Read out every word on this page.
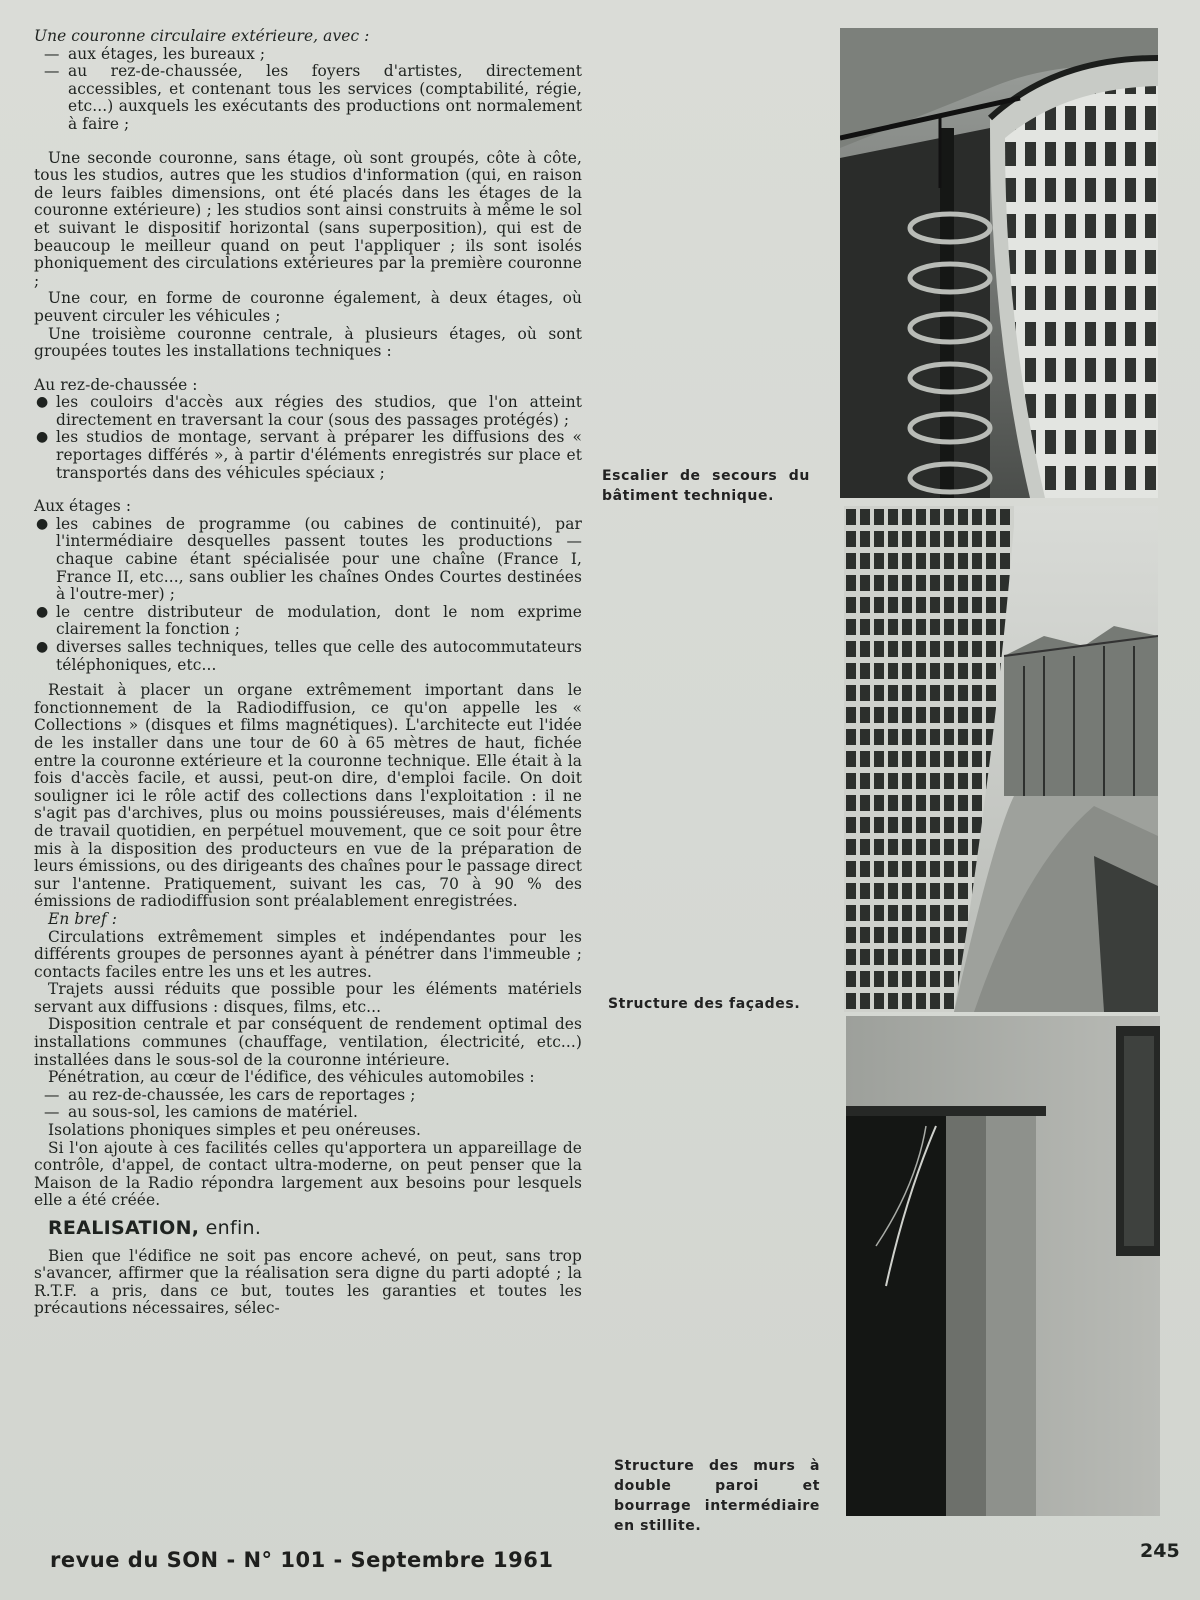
Une couronne circulaire extérieure, avec :

— aux étages, les bureaux ;
— au rez-de-chaussée, les foyers d'artistes, directement accessibles, et contenant tous les services (comptabilité, régie, etc...) auxquels les exécutants des productions ont normalement à faire ;

Une seconde couronne, sans étage, où sont groupés, côte à côte, tous les studios, autres que les studios d'information (qui, en raison de leurs faibles dimensions, ont été placés dans les étages de la couronne extérieure) ; les studios sont ainsi construits à même le sol et suivant le dispositif horizontal (sans superposition), qui est de beaucoup le meilleur quand on peut l'appliquer ; ils sont isolés phoniquement des circulations extérieures par la première couronne ;

Une cour, en forme de couronne également, à deux étages, où peuvent circuler les véhicules ;

Une troisième couronne centrale, à plusieurs étages, où sont groupées toutes les installations techniques :

Au rez-de-chaussée :

● les couloirs d'accès aux régies des studios, que l'on atteint directement en traversant la cour (sous des passages protégés) ;
● les studios de montage, servant à préparer les diffusions des « reportages différés », à partir d'éléments enregistrés sur place et transportés dans des véhicules spéciaux ;

Aux étages :

● les cabines de programme (ou cabines de continuité), par l'intermédiaire desquelles passent toutes les productions — chaque cabine étant spécialisée pour une chaîne (France I, France II, etc..., sans oublier les chaînes Ondes Courtes destinées à l'outre-mer) ;
● le centre distributeur de modulation, dont le nom exprime clairement la fonction ;
● diverses salles techniques, telles que celle des autocommutateurs téléphoniques, etc...

Restait à placer un organe extrêmement important dans le fonctionnement de la Radiodiffusion, ce qu'on appelle les « Collections » (disques et films magnétiques). L'architecte eut l'idée de les installer dans une tour de 60 à 65 mètres de haut, fichée entre la couronne extérieure et la couronne technique. Elle était à la fois d'accès facile, et aussi, peut-on dire, d'emploi facile. On doit souligner ici le rôle actif des collections dans l'exploitation : il ne s'agit pas d'archives, plus ou moins poussiéreuses, mais d'éléments de travail quotidien, en perpétuel mouvement, que ce soit pour être mis à la disposition des producteurs en vue de la préparation de leurs émissions, ou des dirigeants des chaînes pour le passage direct sur l'antenne. Pratiquement, suivant les cas, 70 à 90 % des émissions de radiodiffusion sont préalablement enregistrées.

En bref :

Circulations extrêmement simples et indépendantes pour les différents groupes de personnes ayant à pénétrer dans l'immeuble ; contacts faciles entre les uns et les autres.

Trajets aussi réduits que possible pour les éléments matériels servant aux diffusions : disques, films, etc...

Disposition centrale et par conséquent de rendement optimal des installations communes (chauffage, ventilation, électricité, etc...) installées dans le sous-sol de la couronne intérieure.

Pénétration, au cœur de l'édifice, des véhicules automobiles :

— au rez-de-chaussée, les cars de reportages ;
— au sous-sol, les camions de matériel.

Isolations phoniques simples et peu onéreuses.

Si l'on ajoute à ces facilités celles qu'apportera un appareillage de contrôle, d'appel, de contact ultra-moderne, on peut penser que la Maison de la Radio répondra largement aux besoins pour lesquels elle a été créée.

REALISATION, enfin.

Bien que l'édifice ne soit pas encore achevé, on peut, sans trop s'avancer, affirmer que la réalisation sera digne du parti adopté ; la R.T.F. a pris, dans ce but, toutes les garanties et toutes les précautions nécessaires, sélec-

Escalier de secours du bâtiment technique.
Structure des façades.
Structure des murs à double paroi et bourrage intermédiaire en stillite.
revue du SON - N° 101 - Septembre 1961	245
